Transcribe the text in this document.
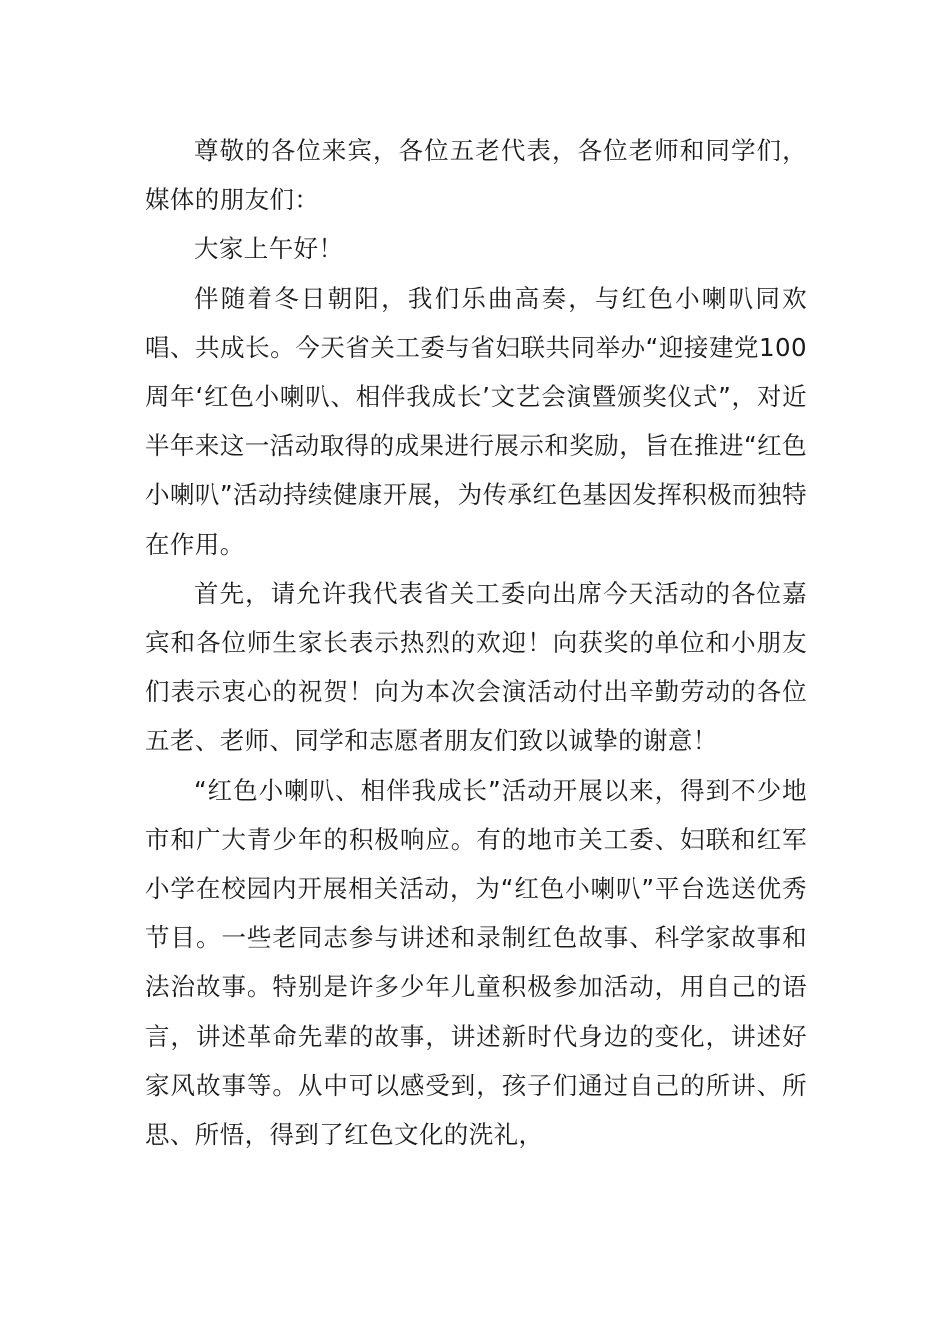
尊敬的各位来宾，各位五老代表，各位老师和同学们，媒体的朋友们：

大家上午好！

伴随着冬日朝阳，我们乐曲高奏，与红色小喇叭同欢唱、共成长。今天省关工委与省妇联共同举办“迎接建党100周年‘红色小喇叭、相伴我成长’文艺会演暨颁奖仪式”，对近半年来这一活动取得的成果进行展示和奖励，旨在推进“红色小喇叭”活动持续健康开展，为传承红色基因发挥积极而独特在作用。

首先，请允许我代表省关工委向出席今天活动的各位嘉宾和各位师生家长表示热烈的欢迎！向获奖的单位和小朋友们表示衷心的祝贺！向为本次会演活动付出辛勤劳动的各位五老、老师、同学和志愿者朋友们致以诚挚的谢意！

“红色小喇叭、相伴我成长”活动开展以来，得到不少地市和广大青少年的积极响应。有的地市关工委、妇联和红军小学在校园内开展相关活动，为“红色小喇叭”平台选送优秀节目。一些老同志参与讲述和录制红色故事、科学家故事和法治故事。特别是许多少年儿童积极参加活动，用自己的语言，讲述革命先辈的故事，讲述新时代身边的变化，讲述好家风故事等。从中可以感受到，孩子们通过自己的所讲、所思、所悟，得到了红色文化的洗礼，
